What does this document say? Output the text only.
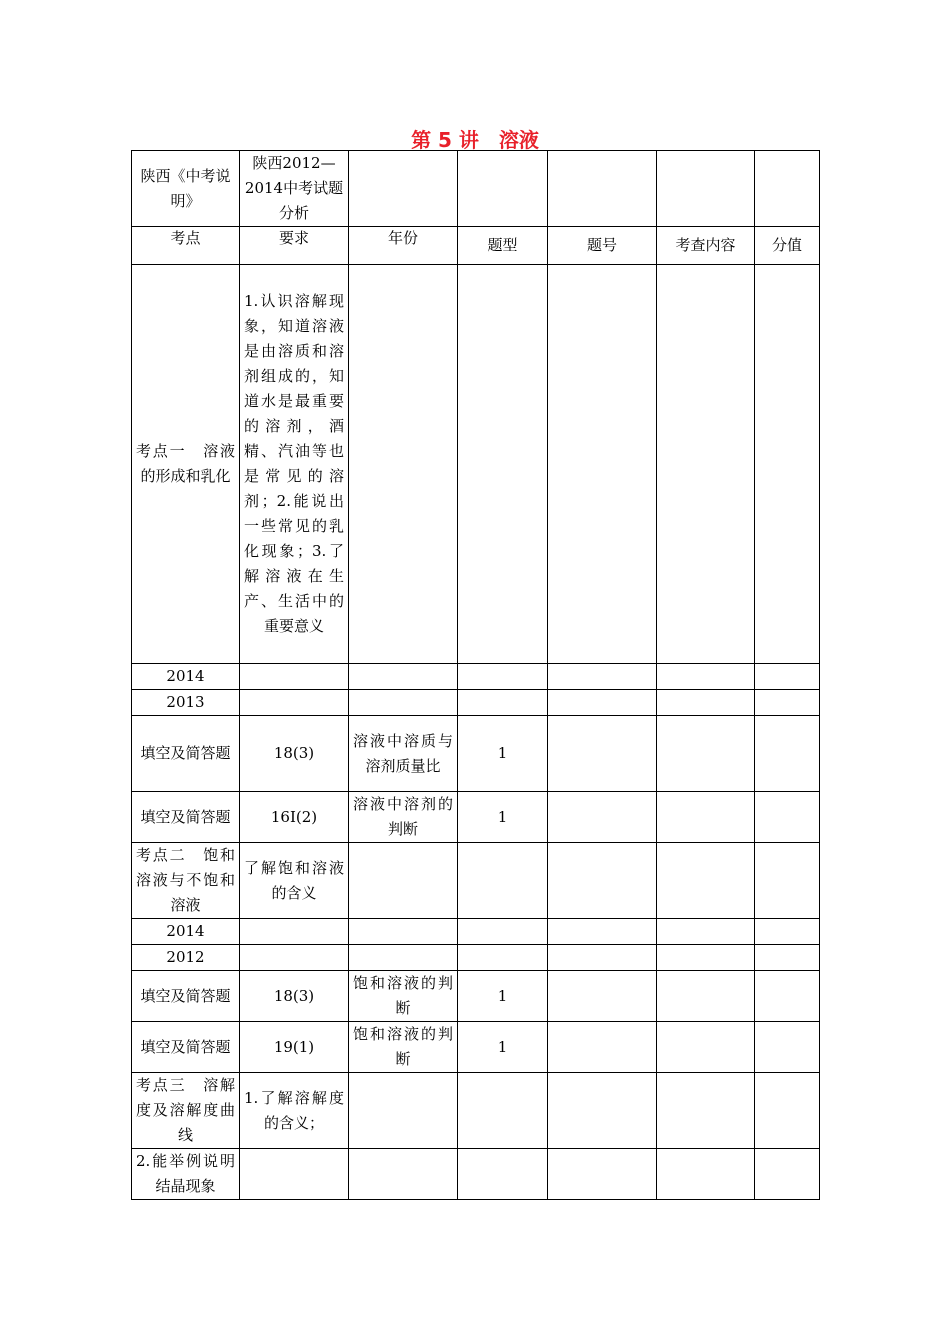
第 5 讲　溶液
陕西《中考说明》	陕西2012—2014中考试题分析					
考点	要求	年份	题型	题号	考查内容	分值
考点一　溶液的形成和乳化	1.认识溶解现象，知道溶液是由溶质和溶剂组成的，知道水是最重要的溶剂，酒精、汽油等也是常见的溶剂；2.能说出一些常见的乳化现象；3.了解溶液在生产、生活中的重要意义					
2014						
2013						
填空及简答题	18(3)	溶液中溶质与溶剂质量比	1			
填空及简答题	16I(2)	溶液中溶剂的判断	1			
考点二　饱和溶液与不饱和溶液	了解饱和溶液的含义					
2014						
2012						
填空及简答题	18(3)	饱和溶液的判断	1			
填空及简答题	19(1)	饱和溶液的判断	1			
考点三　溶解度及溶解度曲线	1.了解溶解度的含义；					
2.能举例说明结晶现象						
